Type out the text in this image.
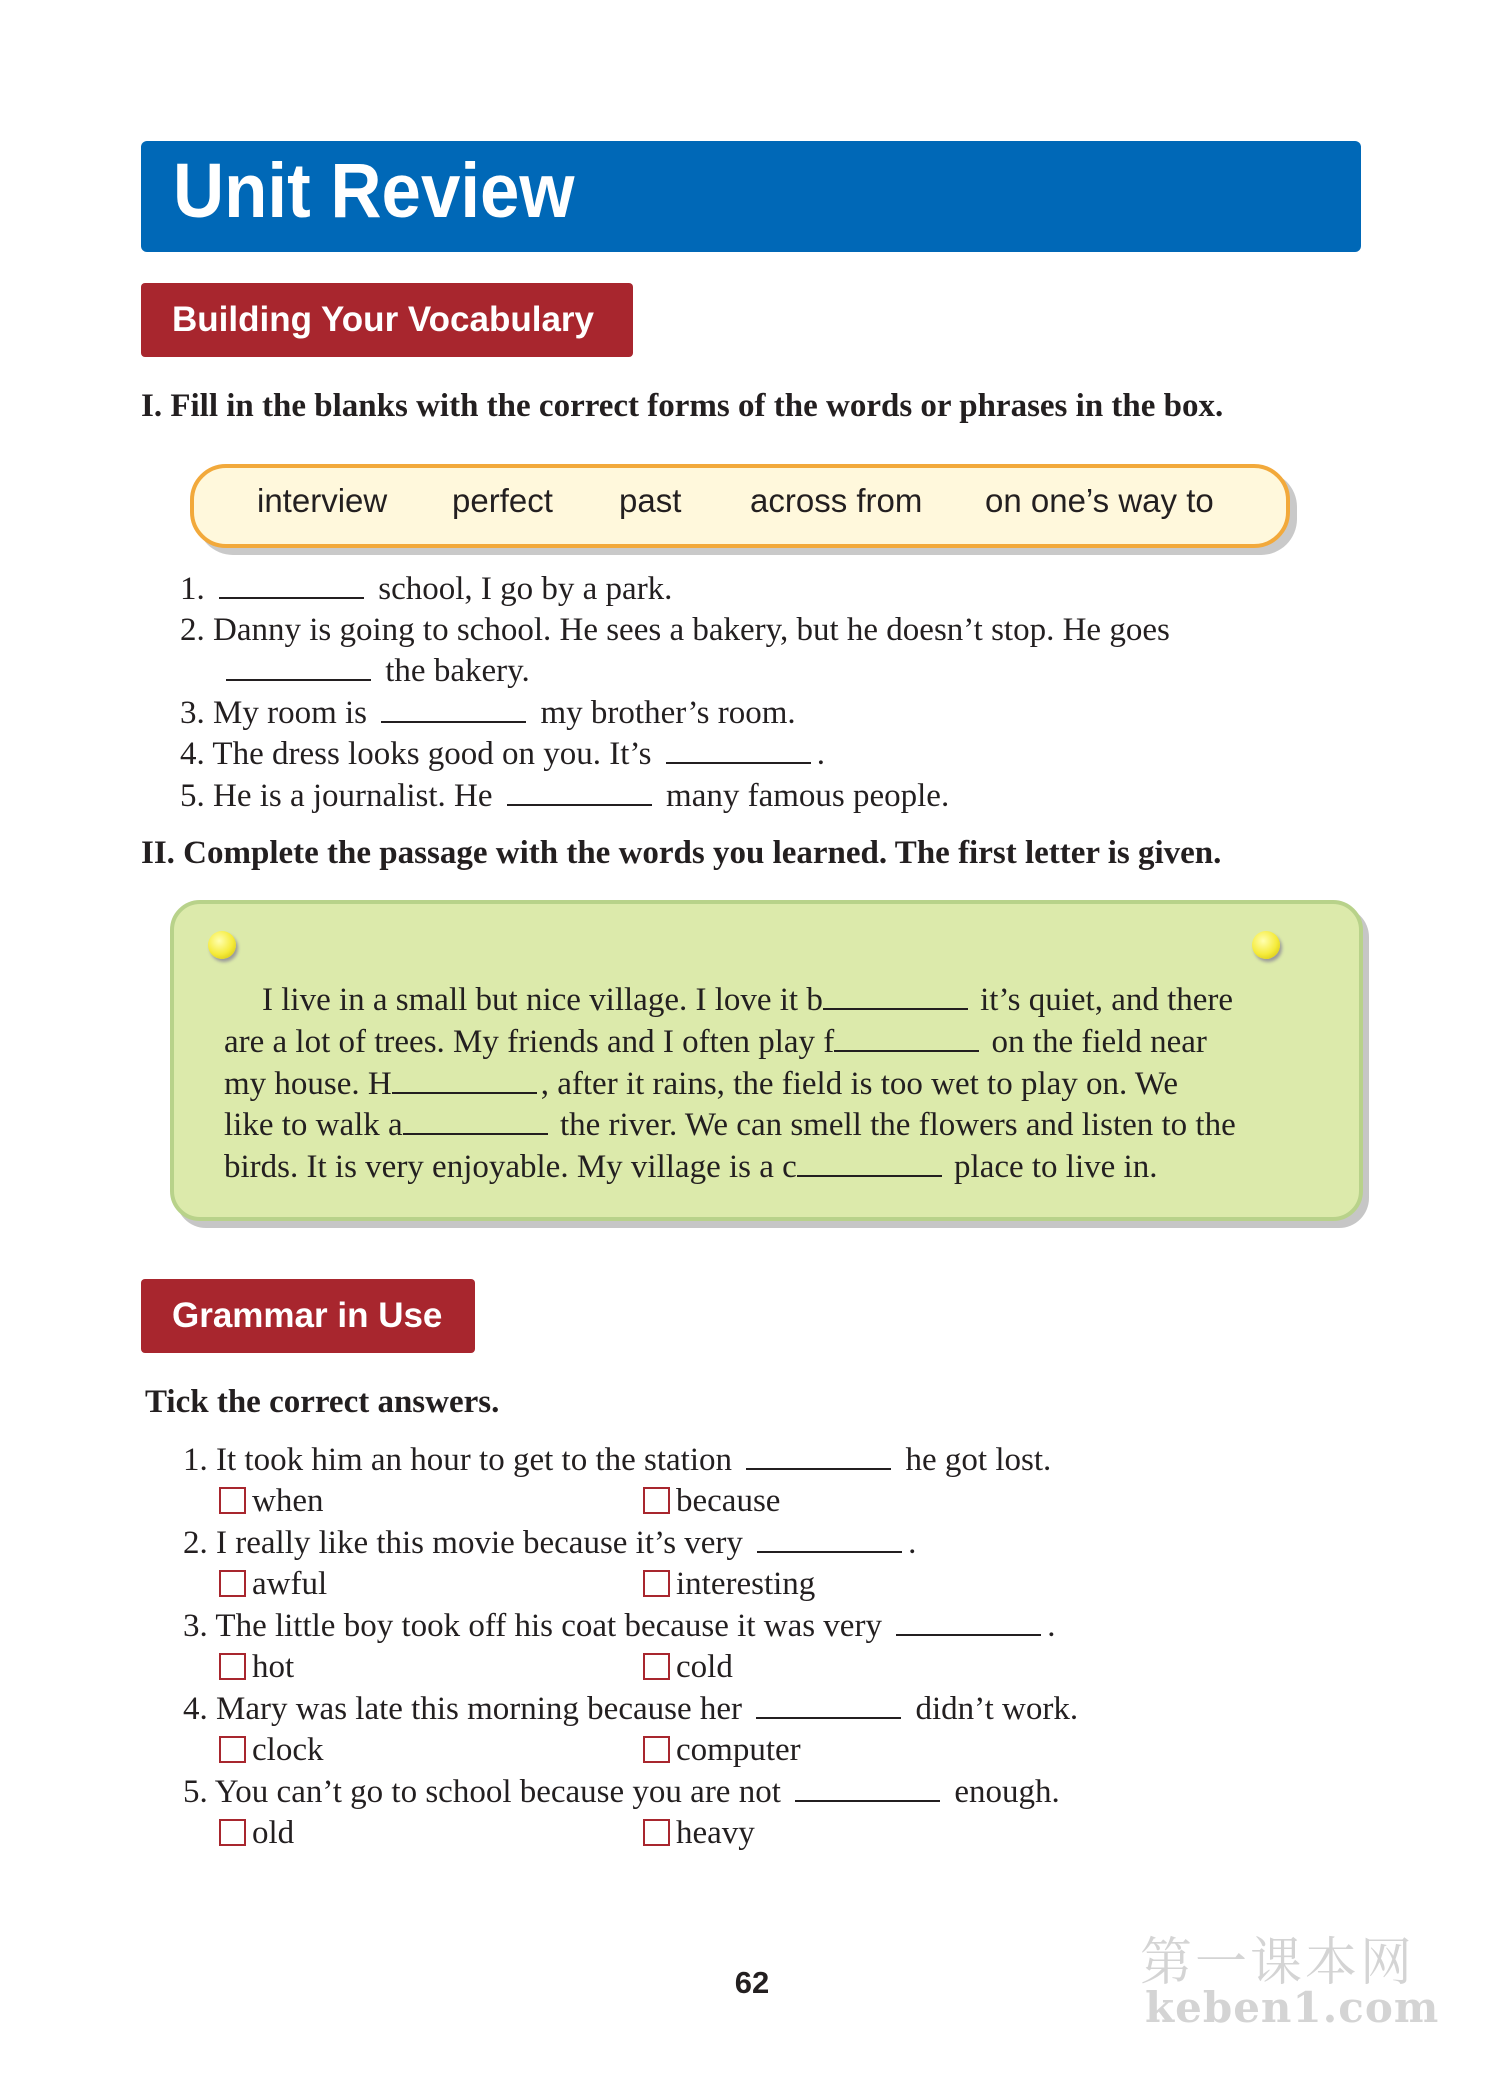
Unit Review
Building Your Vocabulary
I. Fill in the blanks with the correct forms of the words or phrases in the box.
interview perfect past across from on one’s way to
1.	school, I go by a park.
2. Danny is going to school. He sees a bakery, but he doesn’t stop. He goes
the bakery.
3. My room is	my brother’s room.
4. The dress looks good on you. It’s	.
5. He is a journalist. He	many famous people.
II. Complete the passage with the words you learned. The first letter is given.
I live in a small but nice village. I love it b	it’s quiet, and there
are a lot of trees. My friends and I often play f	on the field near
my house. H	, after it rains, the field is too wet to play on. We
like to walk a	the river. We can smell the flowers and listen to the
birds. It is very enjoyable. My village is a c	place to live in.
Grammar in Use
Tick the correct answers.
1. It took him an hour to get to the station	he got lost.
when	because
2. I really like this movie because it’s very	.
awful	interesting
3. The little boy took off his coat because it was very	.
hot	cold
4. Mary was late this morning because her	didn’t work.
clock	computer
5. You can’t go to school because you are not	enough.
old	heavy
第一课本网
keben1.com
62
